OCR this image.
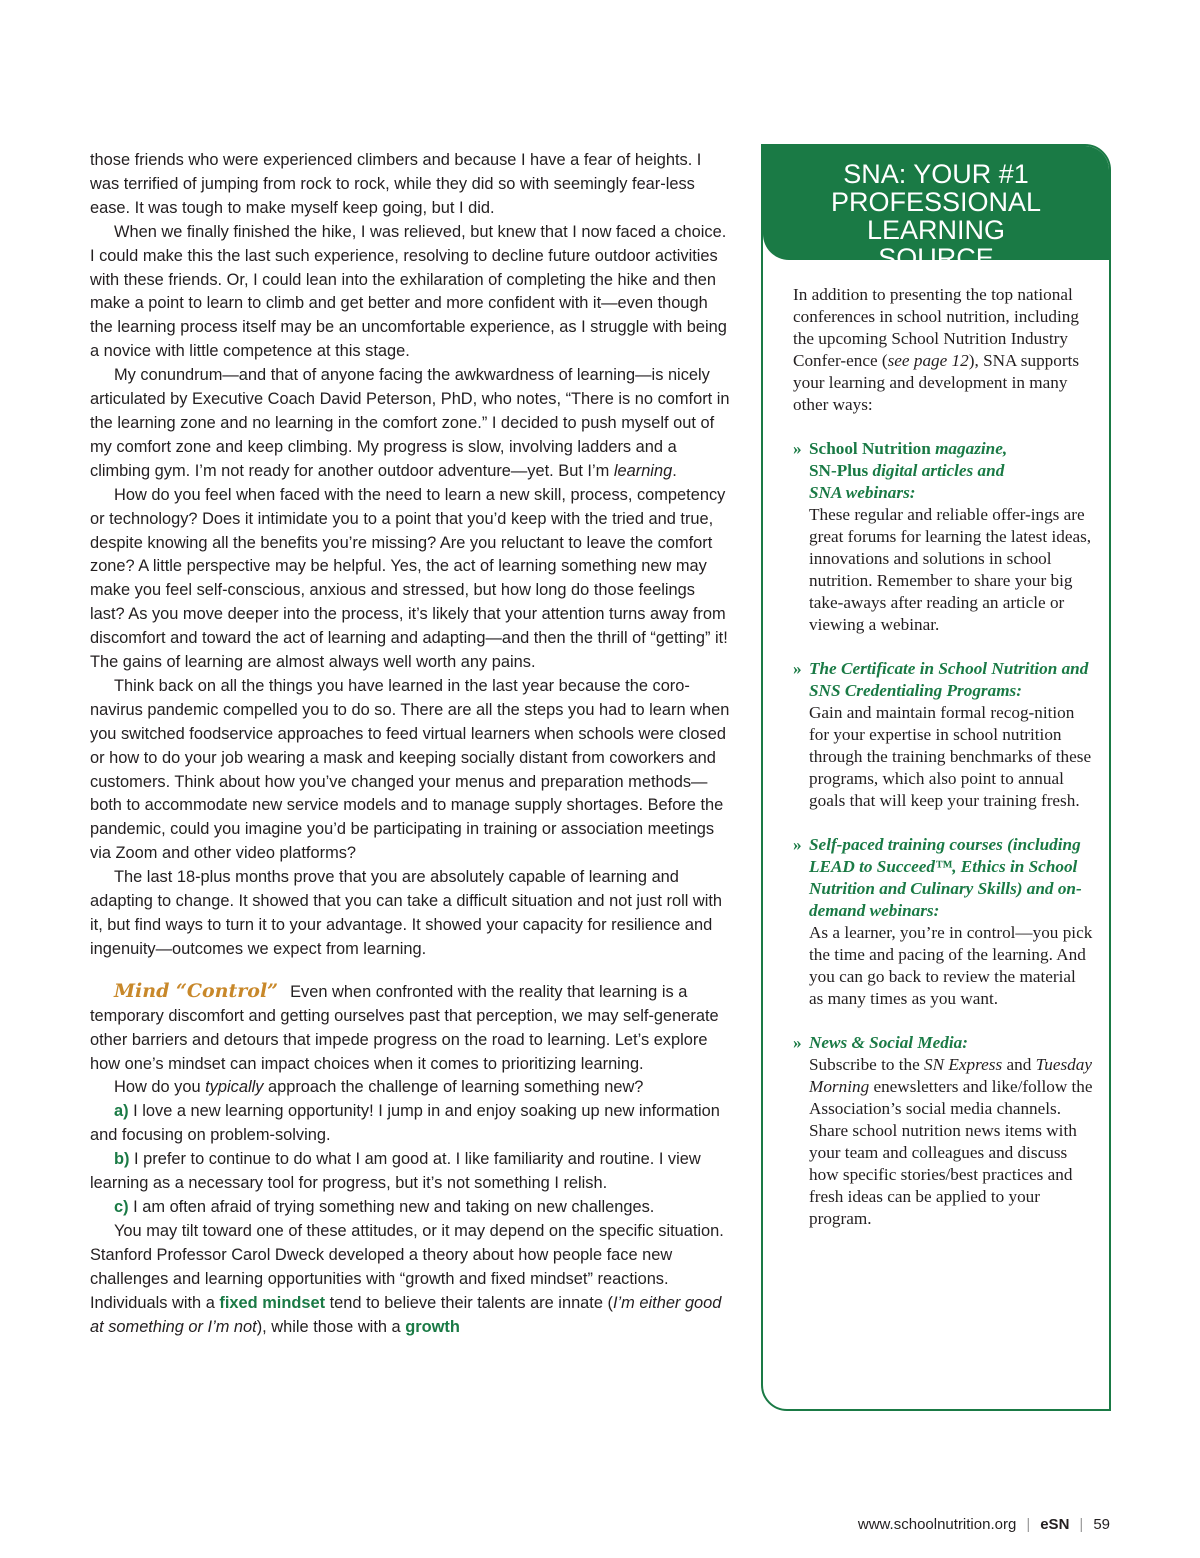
those friends who were experienced climbers and because I have a fear of heights. I was terrified of jumping from rock to rock, while they did so with seemingly fear-less ease. It was tough to make myself keep going, but I did.

When we finally finished the hike, I was relieved, but knew that I now faced a choice. I could make this the last such experience, resolving to decline future outdoor activities with these friends. Or, I could lean into the exhilaration of completing the hike and then make a point to learn to climb and get better and more confident with it—even though the learning process itself may be an uncomfortable experience, as I struggle with being a novice with little competence at this stage.

My conundrum—and that of anyone facing the awkwardness of learning—is nicely articulated by Executive Coach David Peterson, PhD, who notes, “There is no comfort in the learning zone and no learning in the comfort zone.” I decided to push myself out of my comfort zone and keep climbing. My progress is slow, involving ladders and a climbing gym. I’m not ready for another outdoor adventure—yet. But I’m learning.

How do you feel when faced with the need to learn a new skill, process, competency or technology? Does it intimidate you to a point that you’d keep with the tried and true, despite knowing all the benefits you’re missing? Are you reluctant to leave the comfort zone? A little perspective may be helpful. Yes, the act of learning something new may make you feel self-conscious, anxious and stressed, but how long do those feelings last? As you move deeper into the process, it’s likely that your attention turns away from discomfort and toward the act of learning and adapting—and then the thrill of “getting” it! The gains of learning are almost always well worth any pains.

Think back on all the things you have learned in the last year because the coro-navirus pandemic compelled you to do so. There are all the steps you had to learn when you switched foodservice approaches to feed virtual learners when schools were closed or how to do your job wearing a mask and keeping socially distant from coworkers and customers. Think about how you’ve changed your menus and preparation methods—both to accommodate new service models and to manage supply shortages. Before the pandemic, could you imagine you’d be participating in training or association meetings via Zoom and other video platforms?

The last 18-plus months prove that you are absolutely capable of learning and adapting to change. It showed that you can take a difficult situation and not just roll with it, but find ways to turn it to your advantage. It showed your capacity for resilience and ingenuity—outcomes we expect from learning.

Mind “Control” Even when confronted with the reality that learning is a temporary discomfort and getting ourselves past that perception, we may self-generate other barriers and detours that impede progress on the road to learning. Let’s explore how one’s mindset can impact choices when it comes to prioritizing learning.

How do you typically approach the challenge of learning something new?

a) I love a new learning opportunity! I jump in and enjoy soaking up new information and focusing on problem-solving.

b) I prefer to continue to do what I am good at. I like familiarity and routine. I view learning as a necessary tool for progress, but it’s not something I relish.

c) I am often afraid of trying something new and taking on new challenges.

You may tilt toward one of these attitudes, or it may depend on the specific situation. Stanford Professor Carol Dweck developed a theory about how people face new challenges and learning opportunities with “growth and fixed mindset” reactions. Individuals with a fixed mindset tend to believe their talents are innate (I’m either good at something or I’m not), while those with a growth

SNA: YOUR #1
PROFESSIONAL LEARNING
SOURCE

In addition to presenting the top national conferences in school nutrition, including the upcoming School Nutrition Industry Confer-ence (see page 12), SNA supports your learning and development in many other ways:

» School Nutrition magazine,
SN-Plus digital articles and
SNA webinars:
These regular and reliable offer-ings are great forums for learning the latest ideas, innovations and solutions in school nutrition. Remember to share your big take-aways after reading an article or viewing a webinar.
» The Certificate in School Nutrition and SNS Credentialing Programs:
Gain and maintain formal recog-nition for your expertise in school nutrition through the training benchmarks of these programs, which also point to annual goals that will keep your training fresh.
» Self-paced training courses (including LEAD to Succeed™, Ethics in School Nutrition and Culinary Skills) and on-demand webinars:
As a learner, you’re in control—you pick the time and pacing of the learning. And you can go back to review the material as many times as you want.
» News & Social Media:
Subscribe to the SN Express and Tuesday Morning enewsletters and like/follow the Association’s social media channels. Share school nutrition news items with your team and colleagues and discuss how specific stories/best practices and fresh ideas can be applied to your program.
www.schoolnutrition.org | eSN | 59
